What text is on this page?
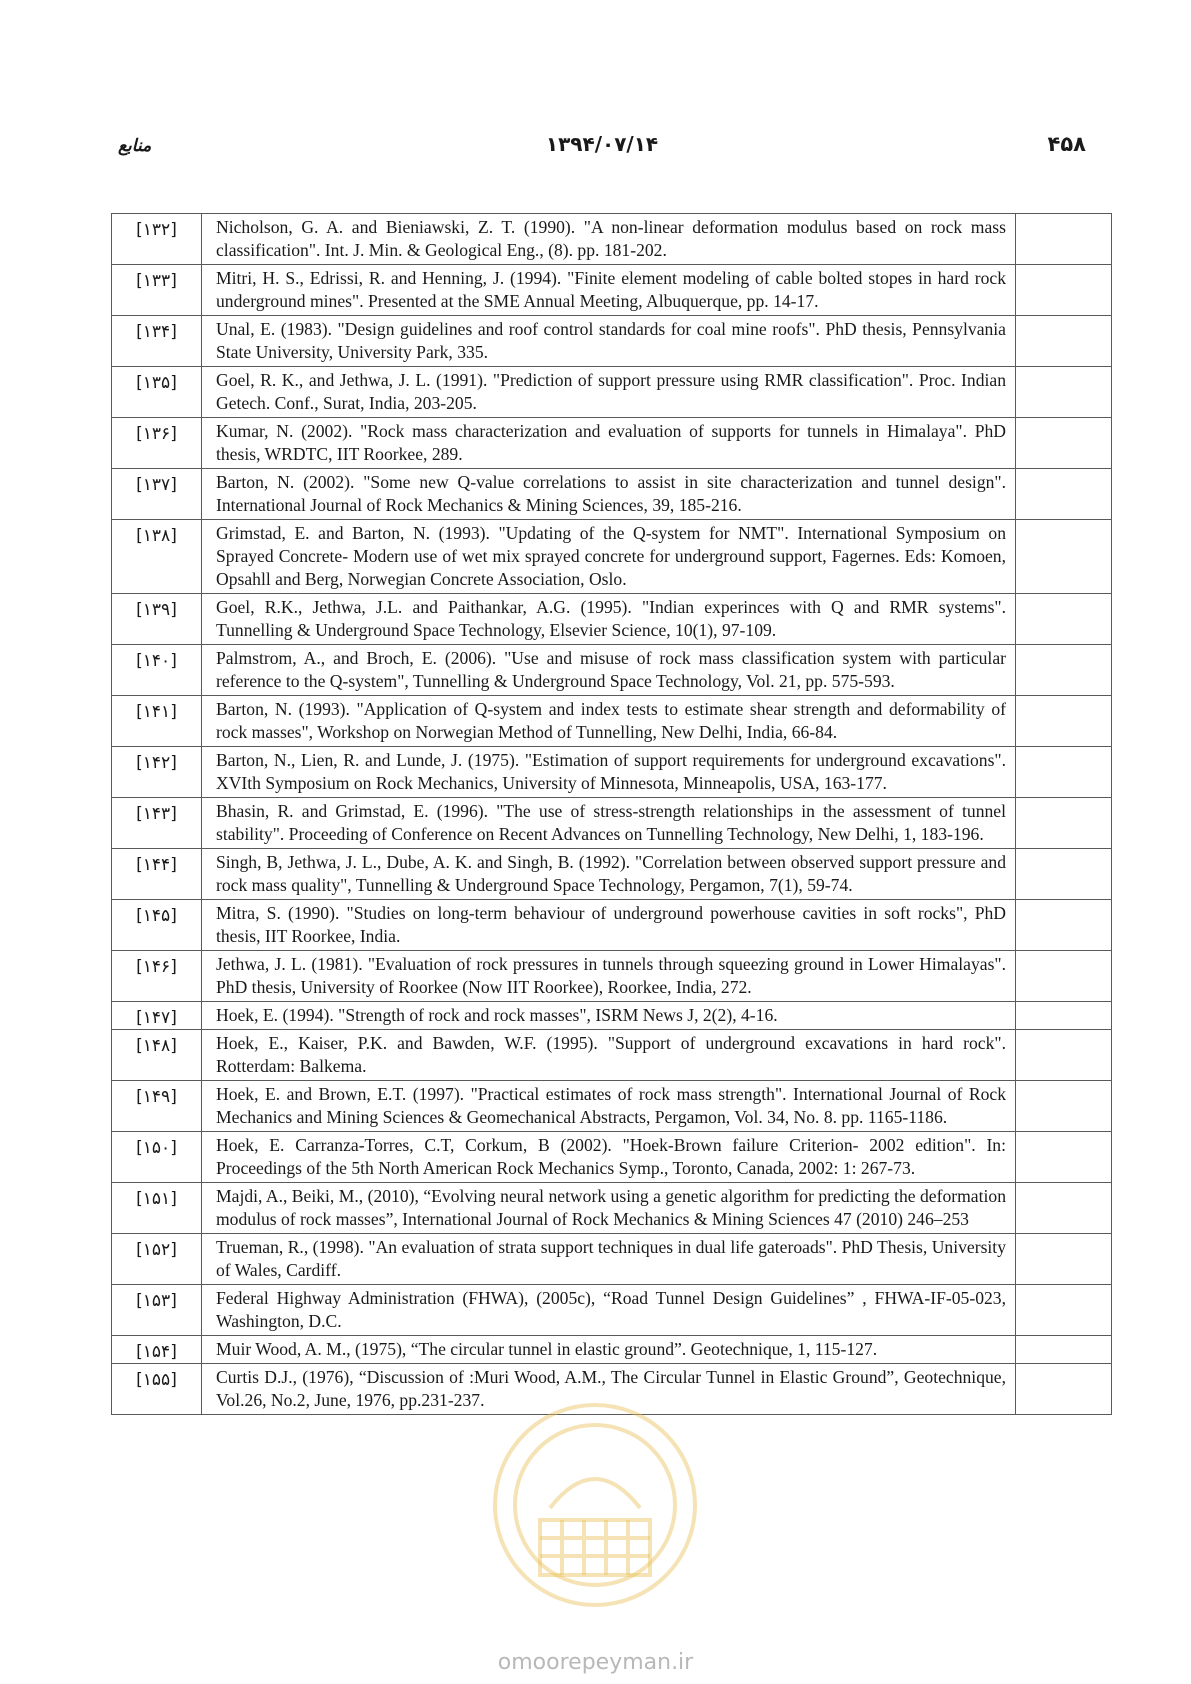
منابع	۱۳۹۴/۰۷/۱۴	۴۵۸
[۱۳۲]	Nicholson, G. A. and Bieniawski, Z. T. (1990). "A non-linear deformation modulus based on rock mass classification". Int. J. Min. & Geological Eng., (8). pp. 181-202.	
[۱۳۳]	Mitri, H. S., Edrissi, R. and Henning, J. (1994). "Finite element modeling of cable bolted stopes in hard rock underground mines". Presented at the SME Annual Meeting, Albuquerque, pp. 14-17.	
[۱۳۴]	Unal, E. (1983). "Design guidelines and roof control standards for coal mine roofs". PhD thesis, Pennsylvania State University, University Park, 335.	
[۱۳۵]	Goel, R. K., and Jethwa, J. L. (1991). "Prediction of support pressure using RMR classification". Proc. Indian Getech. Conf., Surat, India, 203-205.	
[۱۳۶]	Kumar, N. (2002). "Rock mass characterization and evaluation of supports for tunnels in Himalaya". PhD thesis, WRDTC, IIT Roorkee, 289.	
[۱۳۷]	Barton, N. (2002). "Some new Q-value correlations to assist in site characterization and tunnel design". International Journal of Rock Mechanics & Mining Sciences, 39, 185-216.	
[۱۳۸]	Grimstad, E. and Barton, N. (1993). "Updating of the Q-system for NMT". International Symposium on Sprayed Concrete- Modern use of wet mix sprayed concrete for underground support, Fagernes. Eds: Komoen, Opsahll and Berg, Norwegian Concrete Association, Oslo.	
[۱۳۹]	Goel, R.K., Jethwa, J.L. and Paithankar, A.G. (1995). "Indian experinces with Q and RMR systems". Tunnelling & Underground Space Technology, Elsevier Science, 10(1), 97-109.	
[۱۴۰]	Palmstrom, A., and Broch, E. (2006). "Use and misuse of rock mass classification system with particular reference to the Q-system", Tunnelling & Underground Space Technology, Vol. 21, pp. 575-593.	
[۱۴۱]	Barton, N. (1993). "Application of Q-system and index tests to estimate shear strength and deformability of rock masses", Workshop on Norwegian Method of Tunnelling, New Delhi, India, 66-84.	
[۱۴۲]	Barton, N., Lien, R. and Lunde, J. (1975). "Estimation of support requirements for underground excavations". XVIth Symposium on Rock Mechanics, University of Minnesota, Minneapolis, USA, 163-177.	
[۱۴۳]	Bhasin, R. and Grimstad, E. (1996). "The use of stress-strength relationships in the assessment of tunnel stability". Proceeding of Conference on Recent Advances on Tunnelling Technology, New Delhi, 1, 183-196.	
[۱۴۴]	Singh, B, Jethwa, J. L., Dube, A. K. and Singh, B. (1992). "Correlation between observed support pressure and rock mass quality", Tunnelling & Underground Space Technology, Pergamon, 7(1), 59-74.	
[۱۴۵]	Mitra, S. (1990). "Studies on long-term behaviour of underground powerhouse cavities in soft rocks", PhD thesis, IIT Roorkee, India.	
[۱۴۶]	Jethwa, J. L. (1981). "Evaluation of rock pressures in tunnels through squeezing ground in Lower Himalayas". PhD thesis, University of Roorkee (Now IIT Roorkee), Roorkee, India, 272.	
[۱۴۷]	Hoek, E. (1994). "Strength of rock and rock masses", ISRM News J, 2(2), 4-16.	
[۱۴۸]	Hoek, E., Kaiser, P.K. and Bawden, W.F. (1995). "Support of underground excavations in hard rock". Rotterdam: Balkema.	
[۱۴۹]	Hoek, E. and Brown, E.T. (1997). "Practical estimates of rock mass strength". International Journal of Rock Mechanics and Mining Sciences & Geomechanical Abstracts, Pergamon, Vol. 34, No. 8. pp. 1165-1186.	
[۱۵۰]	Hoek, E. Carranza-Torres, C.T, Corkum, B (2002). "Hoek-Brown failure Criterion- 2002 edition". In: Proceedings of the 5th North American Rock Mechanics Symp., Toronto, Canada, 2002: 1: 267-73.	
[۱۵۱]	Majdi, A., Beiki, M., (2010), “Evolving neural network using a genetic algorithm for predicting the deformation modulus of rock masses”, International Journal of Rock Mechanics & Mining Sciences 47 (2010) 246–253	
[۱۵۲]	Trueman, R., (1998). "An evaluation of strata support techniques in dual life gateroads". PhD Thesis, University of Wales, Cardiff.	
[۱۵۳]	Federal Highway Administration (FHWA), (2005c), “Road Tunnel Design Guidelines” , FHWA-IF-05-023, Washington, D.C.	
[۱۵۴]	Muir Wood, A. M., (1975), “The circular tunnel in elastic ground”. Geotechnique, 1, 115-127.	
[۱۵۵]	Curtis D.J., (1976), “Discussion of :Muri Wood, A.M., The Circular Tunnel in Elastic Ground”, Geotechnique, Vol.26, No.2, June, 1976, pp.231-237.	
omoorepeyman.ir
